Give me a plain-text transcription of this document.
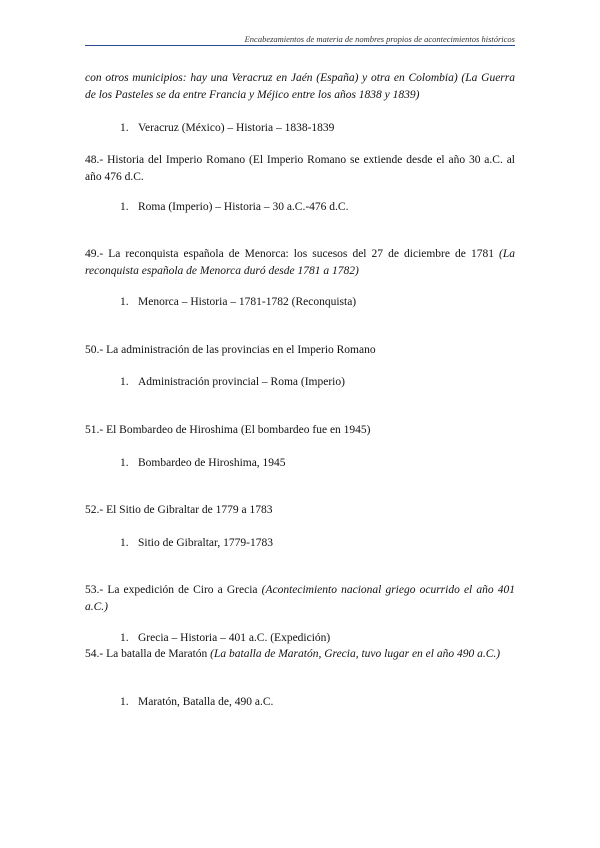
Encabezamientos de materia de nombres propios de acontecimientos históricos
con otros municipios: hay una Veracruz en Jaén (España) y otra en Colombia) (La Guerra de los Pasteles se da entre Francia y Méjico entre los años 1838 y 1839)
1. Veracruz (México) – Historia – 1838-1839
48.- Historia del Imperio Romano (El Imperio Romano se extiende desde el año 30 a.C. al año 476 d.C.
1. Roma (Imperio) – Historia – 30 a.C.-476 d.C.
49.- La reconquista española de Menorca: los sucesos del 27 de diciembre de 1781 (La reconquista española de Menorca duró desde 1781 a 1782)
1. Menorca – Historia – 1781-1782 (Reconquista)
50.- La administración de las provincias en el Imperio Romano
1. Administración provincial – Roma (Imperio)
51.- El Bombardeo de Hiroshima (El bombardeo fue en 1945)
1. Bombardeo de Hiroshima, 1945
52.- El Sitio de Gibraltar de 1779 a 1783
1. Sitio de Gibraltar, 1779-1783
53.- La expedición de Ciro a Grecia (Acontecimiento nacional griego ocurrido el año 401 a.C.)
1. Grecia – Historia – 401 a.C. (Expedición)
54.- La batalla de Maratón (La batalla de Maratón, Grecia, tuvo lugar en el año 490 a.C.)
1. Maratón, Batalla de, 490 a.C.
